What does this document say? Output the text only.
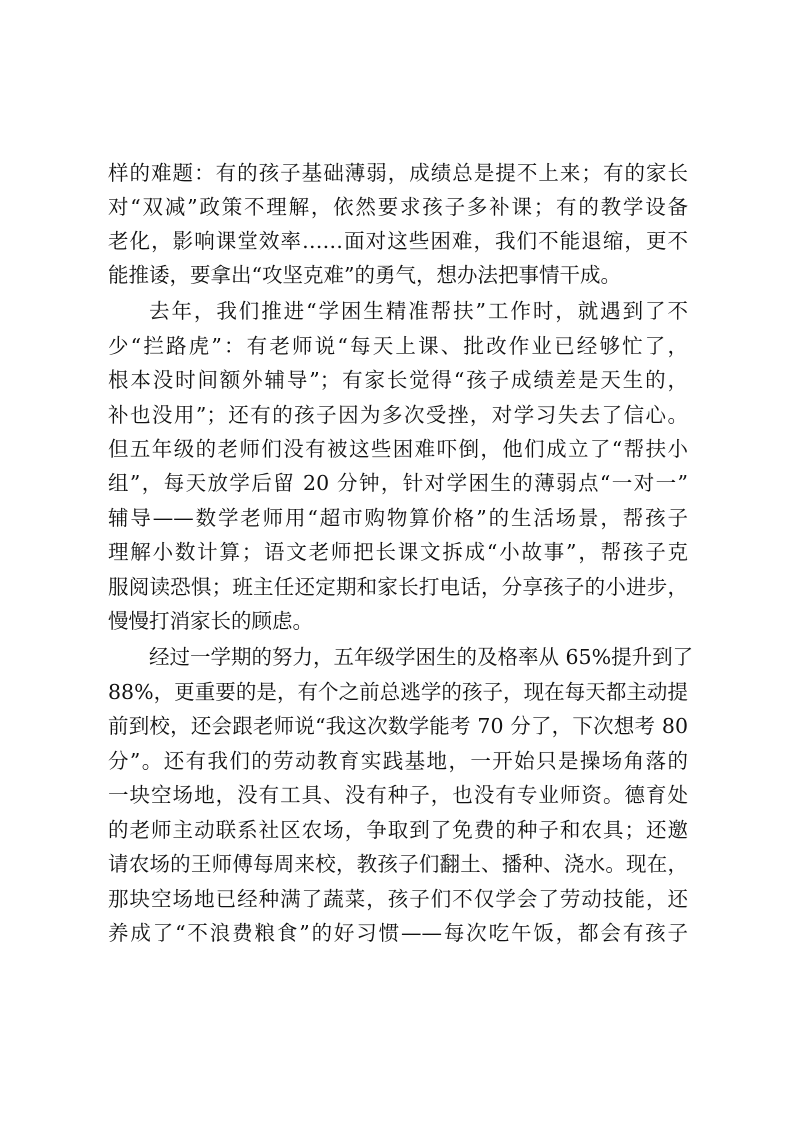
样的难题：有的孩子基础薄弱，成绩总是提不上来；有的家长
对“双减”政策不理解，依然要求孩子多补课；有的教学设备
老化，影响课堂效率……面对这些困难，我们不能退缩，更不
能推诿，要拿出“攻坚克难”的勇气，想办法把事情干成。
去年，我们推进“学困生精准帮扶”工作时，就遇到了不
少“拦路虎”：有老师说“每天上课、批改作业已经够忙了，
根本没时间额外辅导”；有家长觉得“孩子成绩差是天生的，
补也没用”；还有的孩子因为多次受挫，对学习失去了信心。
但五年级的老师们没有被这些困难吓倒，他们成立了“帮扶小
组”，每天放学后留 20 分钟，针对学困生的薄弱点“一对一”
辅导——数学老师用“超市购物算价格”的生活场景，帮孩子
理解小数计算；语文老师把长课文拆成“小故事”，帮孩子克
服阅读恐惧；班主任还定期和家长打电话，分享孩子的小进步，
慢慢打消家长的顾虑。
经过一学期的努力，五年级学困生的及格率从 65%提升到了
88%，更重要的是，有个之前总逃学的孩子，现在每天都主动提
前到校，还会跟老师说“我这次数学能考 70 分了，下次想考 80
分”。还有我们的劳动教育实践基地，一开始只是操场角落的
一块空场地，没有工具、没有种子，也没有专业师资。德育处
的老师主动联系社区农场，争取到了免费的种子和农具；还邀
请农场的王师傅每周来校，教孩子们翻土、播种、浇水。现在，
那块空场地已经种满了蔬菜，孩子们不仅学会了劳动技能，还
养成了“不浪费粮食”的好习惯——每次吃午饭，都会有孩子
